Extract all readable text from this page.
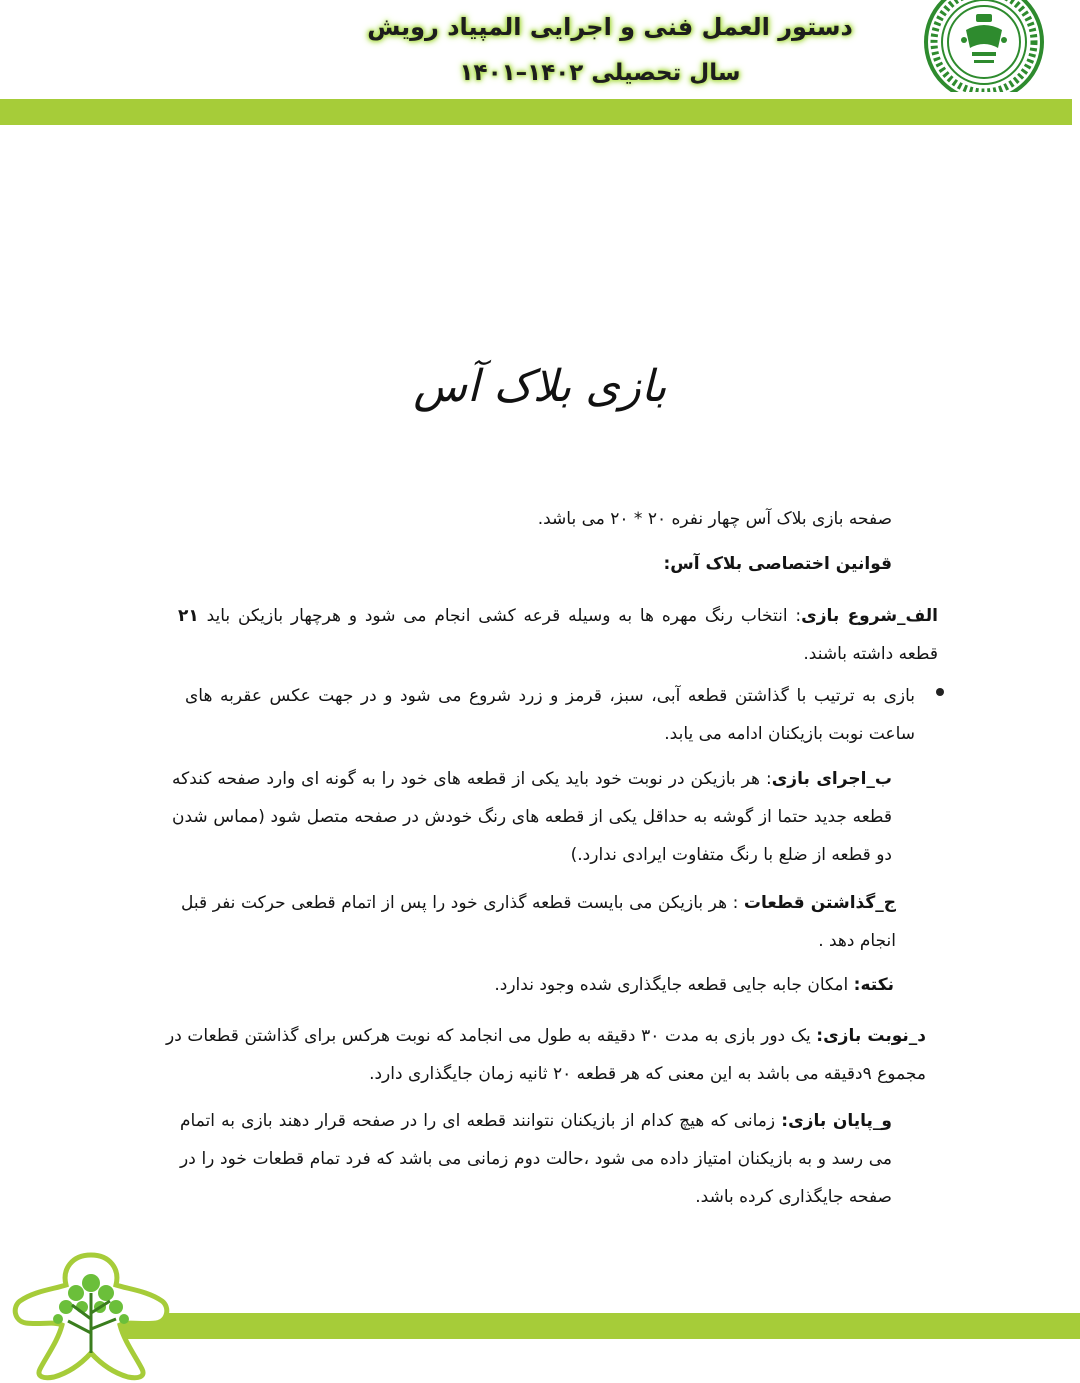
دستور العمل فنی و اجرایی المپیاد رویش
سال تحصیلی ۱۴۰۲–۱۴۰۱
بازی بلاک آس
صفحه بازی بلاک آس چهار نفره ۲۰ * ۲۰ می باشد.
قوانین اختصاصی بلاک آس:
الف_شروع بازی: انتخاب رنگ مهره ها به وسیله قرعه کشی انجام می شود و هرچهار بازیکن باید ۲۱ قطعه داشته باشند.
بازی به ترتیب با گذاشتن قطعه آبی، سبز، قرمز و زرد شروع می شود و در جهت عکس عقربه های ساعت نوبت بازیکنان ادامه می یابد.
ب_اجرای بازی: هر بازیکن در نوبت خود باید یکی از قطعه های خود را به گونه ای وارد صفحه کندکه قطعه جدید حتما از گوشه به حداقل یکی از قطعه های رنگ خودش در صفحه متصل شود (مماس شدن دو قطعه از ضلع با رنگ متفاوت ایرادی ندارد.)
ج_گذاشتن قطعات : هر بازیکن می بایست قطعه گذاری خود را پس از اتمام قطعی حرکت نفر قبل انجام دهد .
نکته: امکان جابه جایی قطعه جایگذاری شده وجود ندارد.
د_نوبت بازی: یک دور بازی به مدت ۳۰ دقیقه به طول می انجامد که نوبت هرکس برای گذاشتن قطعات در مجموع ۹دقیقه می باشد به این معنی که هر قطعه ۲۰ ثانیه زمان جایگذاری دارد.
و_پایان بازی: زمانی که هیچ کدام از بازیکنان نتوانند قطعه ای را در صفحه قرار دهند بازی به اتمام می رسد و به بازیکنان امتیاز داده می شود ،حالت دوم زمانی می باشد که فرد تمام قطعات خود را در صفحه جایگذاری کرده باشد.
